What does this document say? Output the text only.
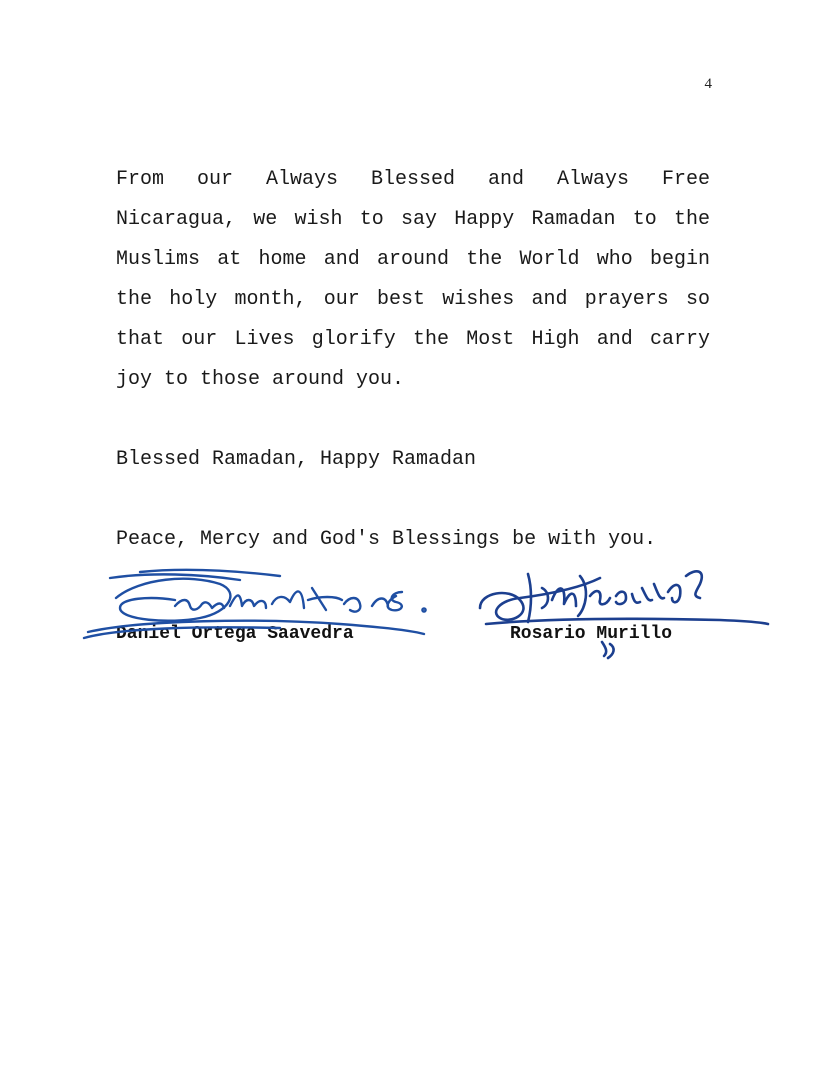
4

From our Always Blessed and Always Free Nicaragua, we wish to say Happy Ramadan to the Muslims at home and around the World who begin the holy month, our best wishes and prayers so that our Lives glorify the Most High and carry joy to those around you.

Blessed Ramadan, Happy Ramadan

Peace, Mercy and God's Blessings be with you.

Daniel Ortega Saavedra	Rosario Murillo
